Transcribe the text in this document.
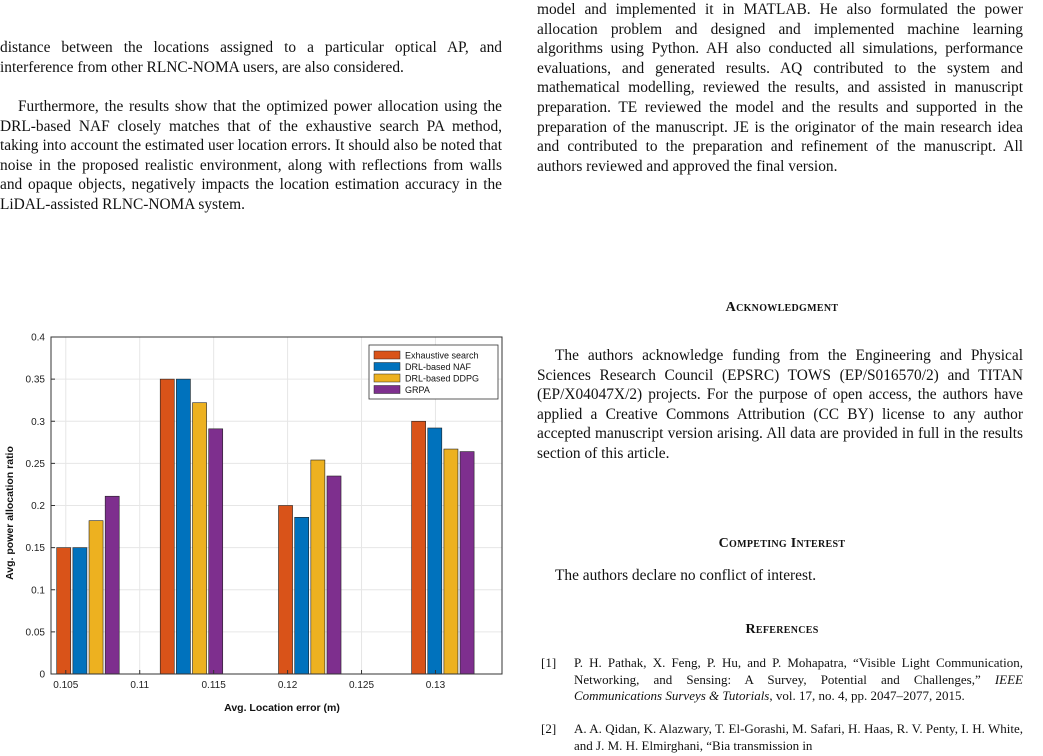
distance between the locations assigned to a particular optical AP, and interference from other RLNC-NOMA users, are also considered.

Furthermore, the results show that the optimized power allocation using the DRL-based NAF closely matches that of the exhaustive search PA method, taking into account the estimated user location errors. It should also be noted that noise in the proposed realistic environment, along with reflections from walls and opaque objects, negatively impacts the location estimation accuracy in the LiDAL-assisted RLNC-NOMA system.

0
0.05
0.1
0.15
0.2
0.25
0.3
0.35
0.4
0.105	0.11	0.115	0.12	0.125	0.13
Avg. Location error (m)
Avg. power allocation ratio
Exhaustive search
DRL-based NAF
DRL-based DDPG
GRPA

model and implemented it in MATLAB. He also formulated the power allocation problem and designed and implemented machine learning algorithms using Python. AH also conducted all simulations, performance evaluations, and generated results. AQ contributed to the system and mathematical modelling, reviewed the results, and assisted in manuscript preparation. TE reviewed the model and the results and supported in the preparation of the manuscript. JE is the originator of the main research idea and contributed to the preparation and refinement of the manuscript. All authors reviewed and approved the final version.

Acknowledgment

The authors acknowledge funding from the Engineering and Physical Sciences Research Council (EPSRC) TOWS (EP/S016570/2) and TITAN (EP/X04047X/2) projects. For the purpose of open access, the authors have applied a Creative Commons Attribution (CC BY) license to any author accepted manuscript version arising. All data are provided in full in the results section of this article.

Competing Interest

The authors declare no conflict of interest.

References
[1] P. H. Pathak, X. Feng, P. Hu, and P. Mohapatra, “Visible Light Communication, Networking, and Sensing: A Survey, Potential and Challenges,” IEEE Communications Surveys & Tutorials, vol. 17, no. 4, pp. 2047–2077, 2015.
[2] A. A. Qidan, K. Alazwary, T. El-Gorashi, M. Safari, H. Haas, R. V. Penty, I. H. White, and J. M. H. Elmirghani, “Bia transmission in
